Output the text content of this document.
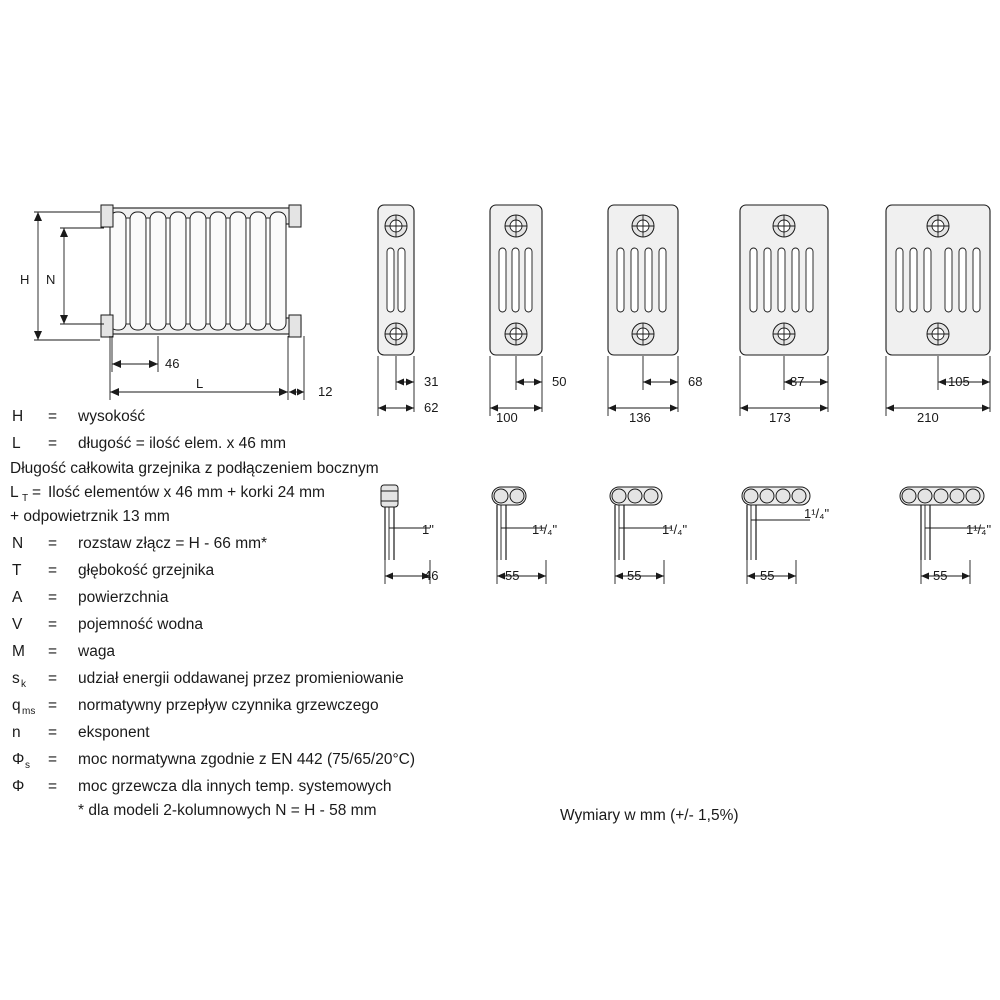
H N
46
L
12
31
62
50
100
68
136
87
173
105
210
1"
46
1¹/₄"
55
1¹/₄"
55
1¹/₄"
55
1¹/₄"
55
H = wysokość
L = długość = ilość elem. x 46 mm
Długość całkowita grzejnika z podłączeniem bocznym
L T = Ilość elementów x 46 mm + korki 24 mm
+ odpowietrznik 13 mm
N = rozstaw złącz = H - 66 mm*
T = głębokość grzejnika
A = powierzchnia
V = pojemność wodna
M = waga
s k = udział energii oddawanej przez promieniowanie
q ms = normatywny przepływ czynnika grzewczego
n = eksponent
Φ s = moc normatywna zgodnie z EN 442 (75/65/20°C)
Φ = moc grzewcza dla innych temp. systemowych
* dla modeli 2-kolumnowych N = H - 58 mm	Wymiary w mm (+/- 1,5%)
